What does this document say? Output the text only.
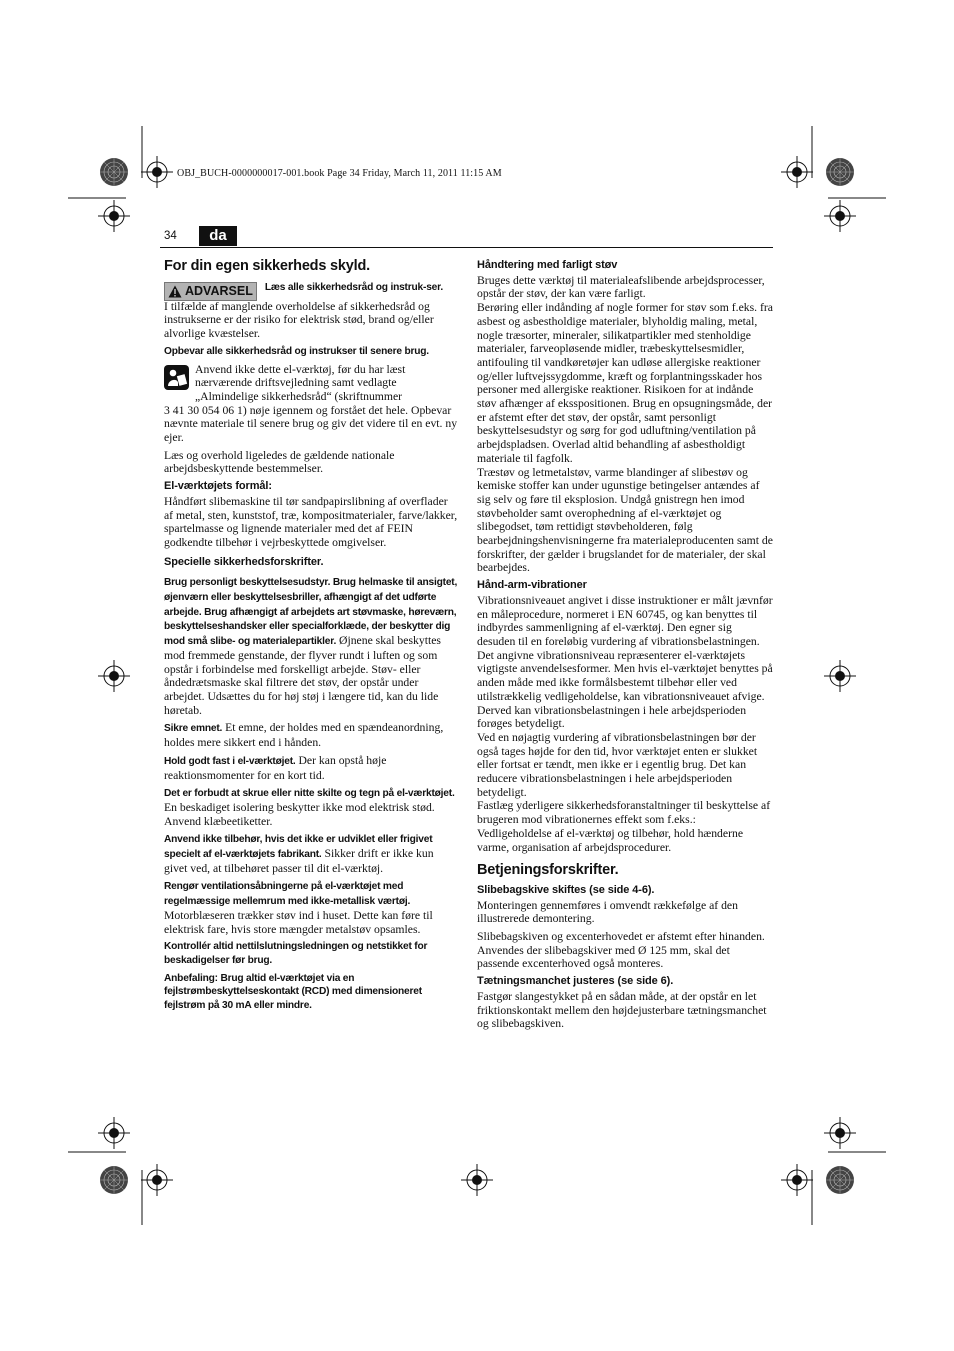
OBJ_BUCH-0000000017-001.book Page 34 Friday, March 11, 2011 11:15 AM
34	da
For din egen sikkerheds skyld.
ADVARSEL Læs alle sikkerhedsråd og instruk-ser.

I tilfælde af manglende overholdelse af sikkerhedsråd og instrukserne er der risiko for elektrisk stød, brand og/eller alvorlige kvæstelser.

Opbevar alle sikkerhedsråd og instrukser til senere brug.

Anvend ikke dette el-værktøj, før du har læst nærværende driftsvejledning samt vedlagte „Almindelige sikkerhedsråd“ (skriftnummer

3 41 30 054 06 1) nøje igennem og forstået det hele. Opbevar nævnte materiale til senere brug og giv det videre til en evt. ny ejer.

Læs og overhold ligeledes de gældende nationale arbejdsbeskyttende bestemmelser.

El-værktøjets formål:

Håndført slibemaskine til tør sandpapirslibning af overflader af metal, sten, kunststof, træ, kompositmaterialer, farve/lakker, spartelmasse og lignende materialer med det af FEIN godkendte tilbehør i vejrbeskyttede omgivelser.

Specielle sikkerhedsforskrifter.

Brug personligt beskyttelsesudstyr. Brug helmaske til ansigtet, øjenværn eller beskyttelsesbriller, afhængigt af det udførte arbejde. Brug afhængigt af arbejdets art støvmaske, høreværn, beskyttelseshandsker eller specialforklæde, der beskytter dig mod små slibe- og materialepartikler. Øjnene skal beskyttes mod fremmede genstande, der flyver rundt i luften og som opstår i forbindelse med forskelligt arbejde. Støv- eller åndedrætsmaske skal filtrere det støv, der opstår under arbejdet. Udsættes du for høj støj i længere tid, kan du lide høretab.

Sikre emnet. Et emne, der holdes med en spændeanordning, holdes mere sikkert end i hånden.

Hold godt fast i el-værktøjet. Der kan opstå høje reaktionsmomenter for en kort tid.

Det er forbudt at skrue eller nitte skilte og tegn på el-værktøjet. En beskadiget isolering beskytter ikke mod elektrisk stød. Anvend klæbeetiketter.

Anvend ikke tilbehør, hvis det ikke er udviklet eller frigivet specielt af el-værktøjets fabrikant. Sikker drift er ikke kun givet ved, at tilbehøret passer til dit el-værktøj.

Rengør ventilationsåbningerne på el-værktøjet med regelmæssige mellemrum med ikke-metallisk værtøj. Motorblæseren trækker støv ind i huset. Dette kan føre til elektrisk fare, hvis store mængder metalstøv opsamles.

Kontrollér altid nettilslutningsledningen og netstikket for beskadigelser før brug.

Anbefaling: Brug altid el-værktøjet via en fejlstrømbeskyttelseskontakt (RCD) med dimensioneret fejlstrøm på 30 mA eller mindre.

Håndtering med farligt støv

Bruges dette værktøj til materialeafslibende arbejdsprocesser, opstår der støv, der kan være farligt.

Berøring eller indånding af nogle former for støv som f.eks. fra asbest og asbestholdige materialer, blyholdig maling, metal, nogle træsorter, mineraler, silikatpartikler med stenholdige materialer, farveopløsende midler, træbeskyttelsesmidler, antifouling til vandkøretøjer kan udløse allergiske reaktioner og/eller luftvejssygdomme, kræft og forplantningsskader hos personer med allergiske reaktioner. Risikoen for at indånde støv afhænger af eksspositionen. Brug en opsugningsmåde, der er afstemt efter det støv, der opstår, samt personligt beskyttelsesudstyr og sørg for god udluftning/ventilation på arbejdspladsen. Overlad altid behandling af asbestholdigt materiale til fagfolk.

Træstøv og letmetalstøv, varme blandinger af slibestøv og kemiske stoffer kan under ugunstige betingelser antændes af sig selv og føre til eksplosion. Undgå gnistregn hen imod støvbeholder samt overophedning af el-værktøjet og slibegodset, tøm rettidigt støvbeholderen, følg bearbejdningshenvisningerne fra materialeproducenten samt de forskrifter, der gælder i brugslandet for de materialer, der skal bearbejdes.

Hånd-arm-vibrationer

Vibrationsniveauet angivet i disse instruktioner er målt jævnfør en måleprocedure, normeret i EN 60745, og kan benyttes til indbyrdes sammenligning af el-værktøj. Den egner sig desuden til en foreløbig vurdering af vibrationsbelastningen.

Det angivne vibrationsniveau repræsenterer el-værktøjets vigtigste anvendelsesformer. Men hvis el-værktøjet benyttes på anden måde med ikke formålsbestemt tilbehør eller ved utilstrækkelig vedligeholdelse, kan vibrationsniveauet afvige. Derved kan vibrationsbelastningen i hele arbejdsperioden forøges betydeligt.

Ved en nøjagtig vurdering af vibrationsbelastningen bør der også tages højde for den tid, hvor værktøjet enten er slukket eller fortsat er tændt, men ikke er i egentlig brug. Det kan reducere vibrationsbelastningen i hele arbejdsperioden betydeligt.

Fastlæg yderligere sikkerhedsforanstaltninger til beskyttelse af brugeren mod vibrationernes effekt som f.eks.: Vedligeholdelse af el-værktøj og tilbehør, hold hænderne varme, organisation af arbejdsprocedurer.

Betjeningsforskrifter.
Slibebagskive skiftes (se side 4-6).

Monteringen gennemføres i omvendt rækkefølge af den illustrerede demontering.

Slibebagskiven og excenterhovedet er afstemt efter hinanden. Anvendes der slibebagskiver med Ø 125 mm, skal det passende excenterhoved også monteres.

Tætningsmanchet justeres (se side 6).

Fastgør slangestykket på en sådan måde, at der opstår en let friktionskontakt mellem den højdejusterbare tætningsmanchet og slibebagskiven.
